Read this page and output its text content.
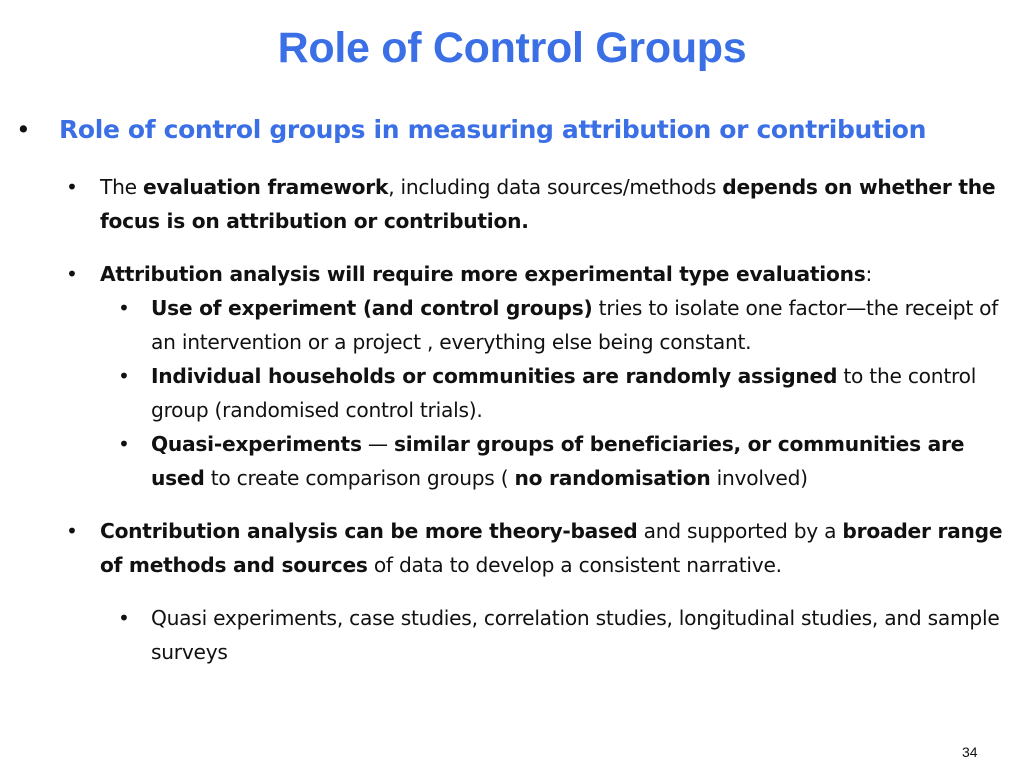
Role of Control Groups
• Role of control groups in measuring attribution or contribution
• The evaluation framework, including data sources/methods depends on whether the focus is on attribution or contribution.
• Attribution analysis will require more experimental type evaluations:
• Use of experiment (and control groups) tries to isolate one factor—the receipt of an intervention or a project , everything else being constant.
• Individual households or communities are randomly assigned to the control group (randomised control trials).
• Quasi-experiments — similar groups of beneficiaries, or communities are used to create comparison groups ( no randomisation involved)
• Contribution analysis can be more theory-based and supported by a broader range of methods and sources of data to develop a consistent narrative.
• Quasi experiments, case studies, correlation studies, longitudinal studies, and sample surveys
34
